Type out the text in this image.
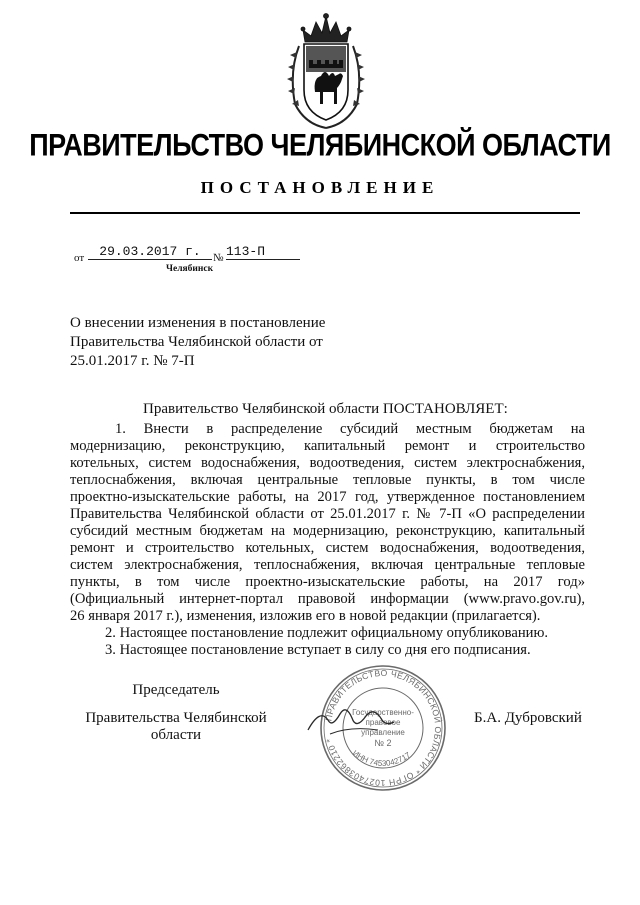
ПРАВИТЕЛЬСТВО ЧЕЛЯБИНСКОЙ ОБЛАСТИ
ПОСТАНОВЛЕНИЕ
от	29.03.2017 г.	№ 113-П
Челябинск
О внесении изменения в постановление
Правительства Челябинской области от
25.01.2017 г. № 7-П
Правительство Челябинской области ПОСТАНОВЛЯЕТ:
1. Внести в распределение субсидий местным бюджетам на
модернизацию, реконструкцию, капитальный ремонт и строительство
котельных, систем водоснабжения, водоотведения, систем электроснабжения,
теплоснабжения, включая центральные тепловые пункты, в том числе
проектно-изыскательские работы, на 2017 год, утвержденное постановлением
Правительства Челябинской области от 25.01.2017 г. № 7-П «О распределении
субсидий местным бюджетам на модернизацию, реконструкцию, капитальный
ремонт и строительство котельных, систем водоснабжения, водоотведения,
систем электроснабжения, теплоснабжения, включая центральные тепловые
пункты, в том числе проектно-изыскательские работы, на 2017 год»
(Официальный интернет-портал правовой информации (www.pravo.gov.ru),
26 января 2017 г.), изменения, изложив его в новой редакции (прилагается).
2. Настоящее постановление подлежит официальному опубликованию.
3. Настоящее постановление вступает в силу со дня его подписания.
Председатель
Правительства Челябинской области
Б.А. Дубровский
ПРАВИТЕЛЬСТВО ЧЕЛЯБИНСКОЙ ОБЛАСТИ * ОГРН 1027403862210 *
ИНН 7453042717
Государственно-
правовое
управление
№ 2
